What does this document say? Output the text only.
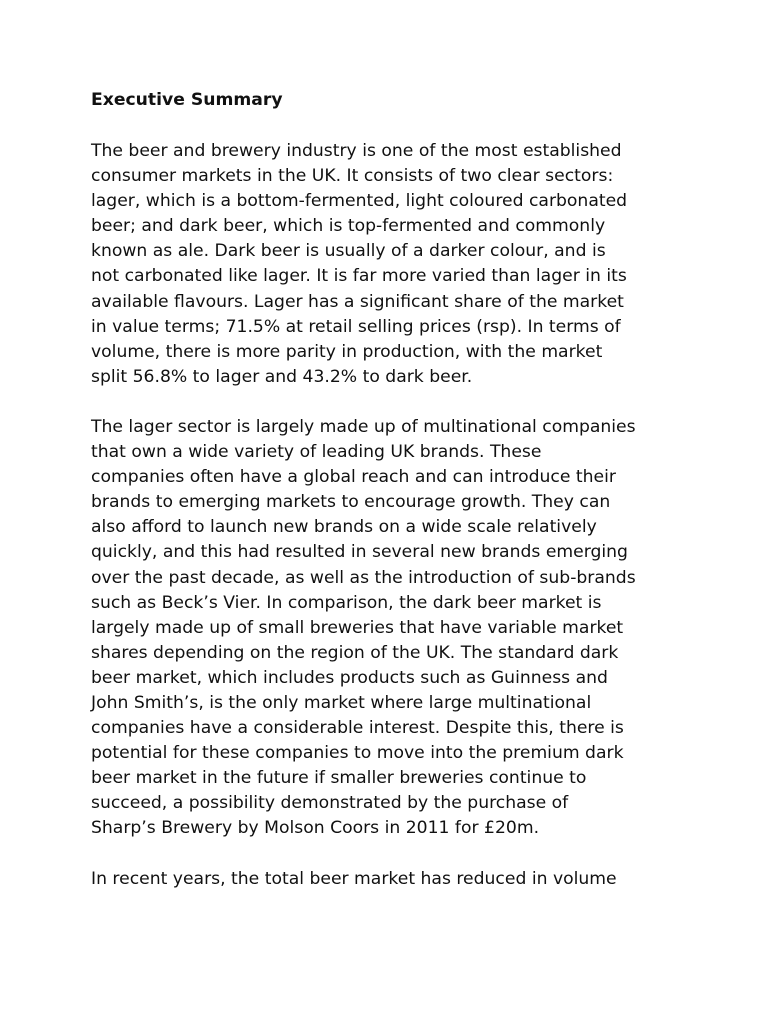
Executive Summary
The beer and brewery industry is one of the most established
consumer markets in the UK. It consists of two clear sectors:
lager, which is a bottom-fermented, light coloured carbonated
beer; and dark beer, which is top-fermented and commonly
known as ale. Dark beer is usually of a darker colour, and is
not carbonated like lager. It is far more varied than lager in its
available flavours. Lager has a significant share of the market
in value terms; 71.5% at retail selling prices (rsp). In terms of
volume, there is more parity in production, with the market
split 56.8% to lager and 43.2% to dark beer.
The lager sector is largely made up of multinational companies
that own a wide variety of leading UK brands. These
companies often have a global reach and can introduce their
brands to emerging markets to encourage growth. They can
also afford to launch new brands on a wide scale relatively
quickly, and this had resulted in several new brands emerging
over the past decade, as well as the introduction of sub-brands
such as Beck’s Vier. In comparison, the dark beer market is
largely made up of small breweries that have variable market
shares depending on the region of the UK. The standard dark
beer market, which includes products such as Guinness and
John Smith’s, is the only market where large multinational
companies have a considerable interest. Despite this, there is
potential for these companies to move into the premium dark
beer market in the future if smaller breweries continue to
succeed, a possibility demonstrated by the purchase of
Sharp’s Brewery by Molson Coors in 2011 for £20m.
In recent years, the total beer market has reduced in volume
